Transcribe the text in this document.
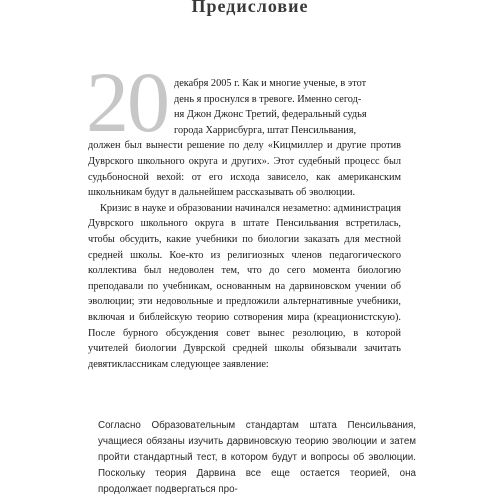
Предисловие
20 декабря 2005 г. Как и многие ученые, в этот
день я проснулся в тревоге. Именно сегод-
ня Джон Джонс Третий, федеральный судья
города Харрисбурга, штат Пенсильвания,
должен был вынести решение по делу «Кицмиллер и другие против Дуврского школьного округа и других». Этот судебный процесс был судьбоносной вехой: от его исхода зависело, как американским школьникам будут в дальнейшем рассказывать об эволюции.

Кризис в науке и образовании начинался незаметно: администрация Дуврского школьного округа в штате Пенсильвания встретилась, чтобы обсудить, какие учебники по биологии заказать для местной средней школы. Кое-кто из религиозных членов педагогического коллектива был недоволен тем, что до сего момента биологию преподавали по учебникам, основанным на дарвиновском учении об эволюции; эти недовольные и предложили альтернативные учебники, включая и библейскую теорию сотворения мира (креационистскую). После бурного обсуждения совет вынес резолюцию, в которой учителей биологии Дуврской средней школы обязывали зачитать девятиклассникам следующее заявление:

Согласно Образовательным стандартам штата Пенсильвания, учащиеся обязаны изучить дарвиновскую теорию эволюции и затем пройти стандартный тест, в котором будут и вопросы об эволюции. Поскольку теория Дарвина все еще остается теорией, она продолжает подвергаться про-
